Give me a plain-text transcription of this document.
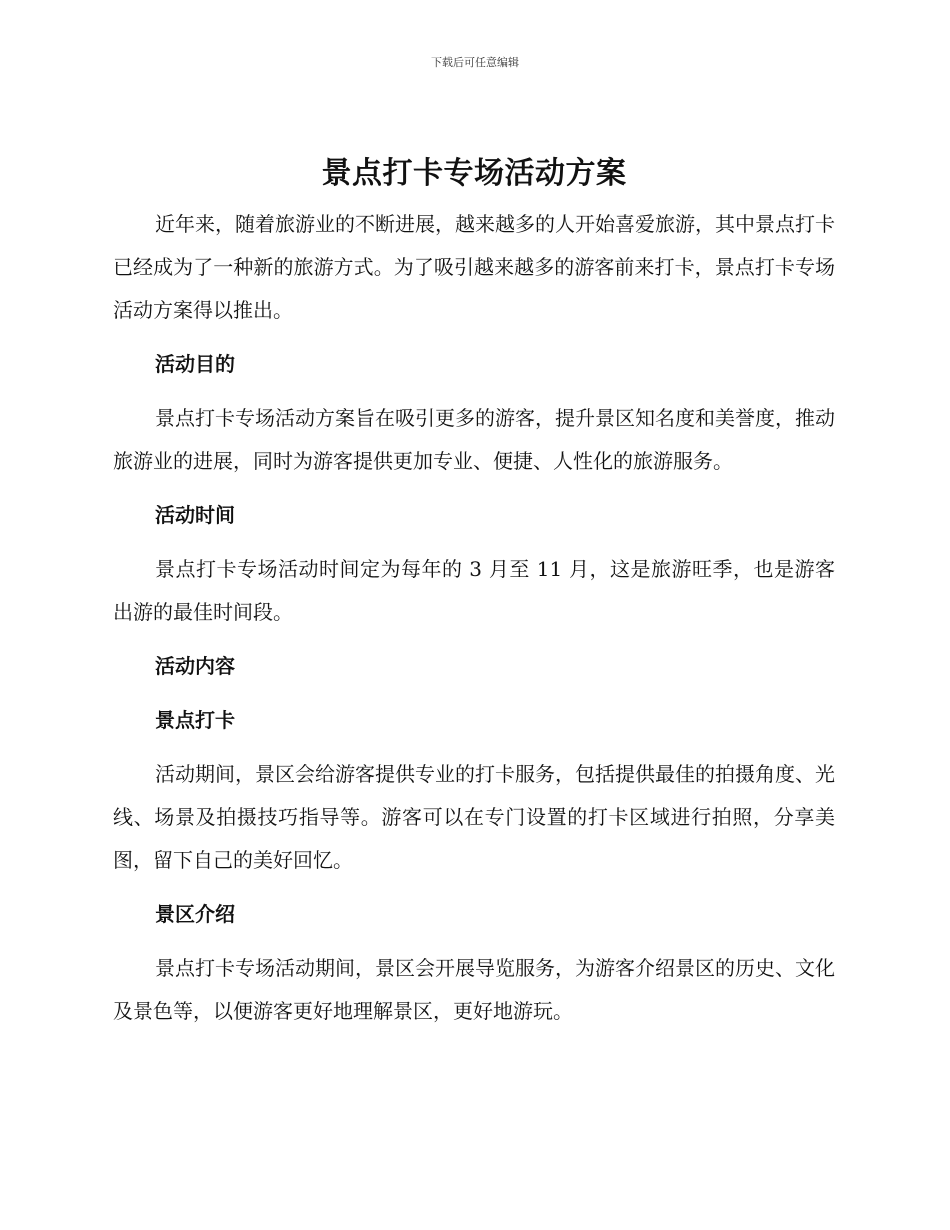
下载后可任意编辑
景点打卡专场活动方案

近年来，随着旅游业的不断进展，越来越多的人开始喜爱旅游，其中景点打卡已经成为了一种新的旅游方式。为了吸引越来越多的游客前来打卡，景点打卡专场活动方案得以推出。

活动目的

景点打卡专场活动方案旨在吸引更多的游客，提升景区知名度和美誉度，推动旅游业的进展，同时为游客提供更加专业、便捷、人性化的旅游服务。

活动时间

景点打卡专场活动时间定为每年的 3 月至 11 月，这是旅游旺季，也是游客出游的最佳时间段。

活动内容
景点打卡

活动期间，景区会给游客提供专业的打卡服务，包括提供最佳的拍摄角度、光线、场景及拍摄技巧指导等。游客可以在专门设置的打卡区域进行拍照，分享美图，留下自己的美好回忆。

景区介绍

景点打卡专场活动期间，景区会开展导览服务，为游客介绍景区的历史、文化及景色等，以便游客更好地理解景区，更好地游玩。
